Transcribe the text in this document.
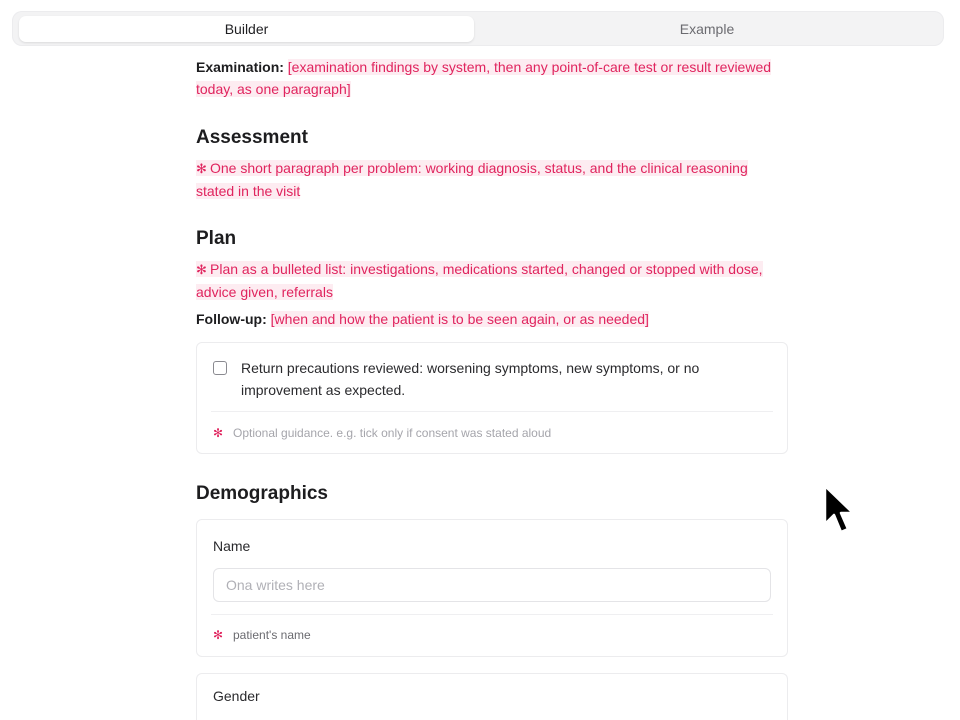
Builder	Example

Examination: [examination findings by system, then any point-of-care test or result reviewed

today, as one paragraph]

Assessment

✻ One short paragraph per problem: working diagnosis, status, and the clinical reasoning

stated in the visit

Plan

✻ Plan as a bulleted list: investigations, medications started, changed or stopped with dose,

advice given, referrals

Follow-up: [when and how the patient is to be seen again, or as needed]

Return precautions reviewed: worsening symptoms, new symptoms, or no
improvement as expected.
✻ Optional guidance. e.g. tick only if consent was stated aloud
Demographics
Name
Ona writes here
✻ patient's name
Gender
